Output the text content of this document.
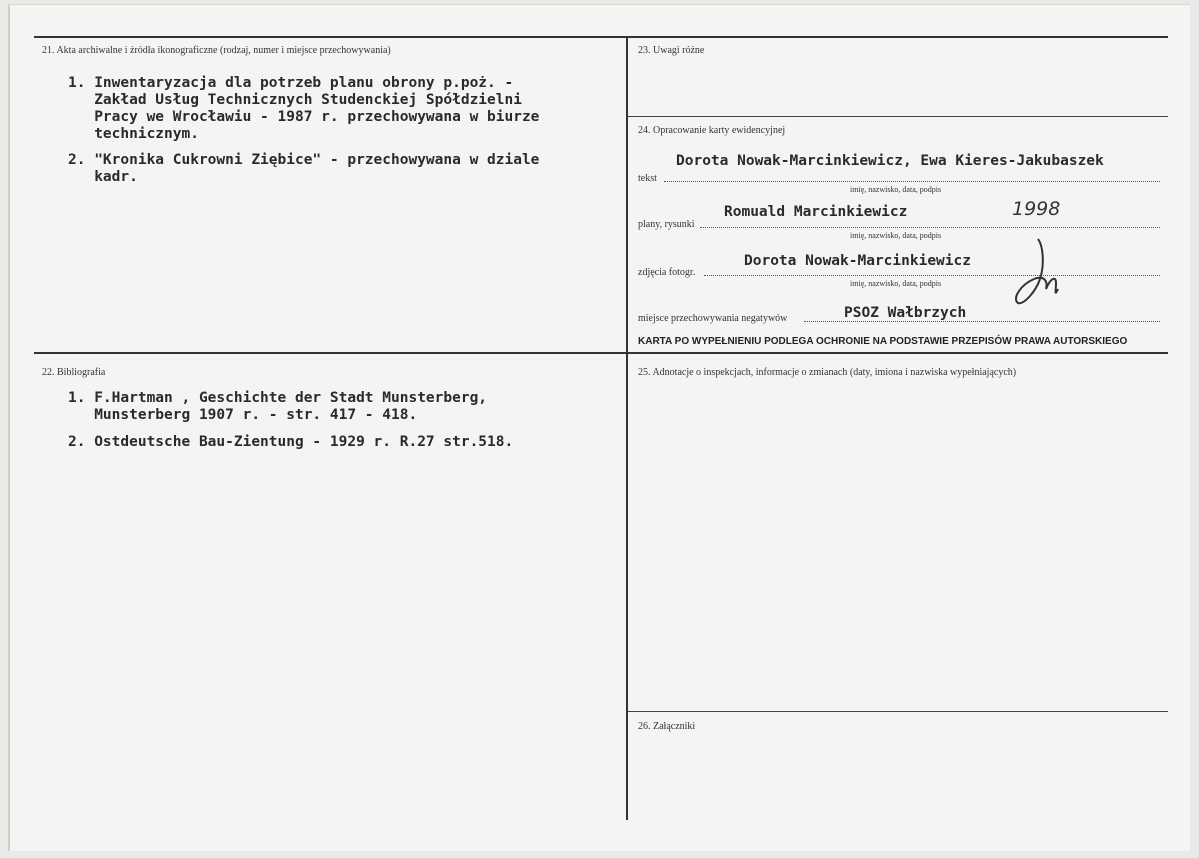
21. Akta archiwalne i źródła ikonograficzne (rodzaj, numer i miejsce przechowywania)
1. Inwentaryzacja dla potrzeb planu obrony p.poż. -
Zakład Usług Technicznych Studenckiej Spółdzielni
Pracy we Wrocławiu - 1987 r. przechowywana w biurze
technicznym.
2. "Kronika Cukrowni Ziębice" - przechowywana w dziale
kadr.
22. Bibliografia
1. F.Hartman , Geschichte der Stadt Munsterberg,
Munsterberg 1907 r. - str. 417 - 418.
2. Ostdeutsche Bau-Zientung - 1929 r. R.27 str.518.
23. Uwagi różne
24. Opracowanie karty ewidencyjnej
Dorota Nowak-Marcinkiewicz, Ewa Kieres-Jakubaszek
tekst
imię, nazwisko, data, podpis
Romuald Marcinkiewicz	1998
plany, rysunki
imię, nazwisko, data, podpis
Dorota Nowak-Marcinkiewicz
zdjęcia fotogr.
imię, nazwisko, data, podpis
PSOZ Wałbrzych
miejsce przechowywania negatywów
KARTA PO WYPEŁNIENIU PODLEGA OCHRONIE NA PODSTAWIE PRZEPISÓW PRAWA AUTORSKIEGO
25. Adnotacje o inspekcjach, informacje o zmianach (daty, imiona i nazwiska wypełniających)
26. Załączniki
